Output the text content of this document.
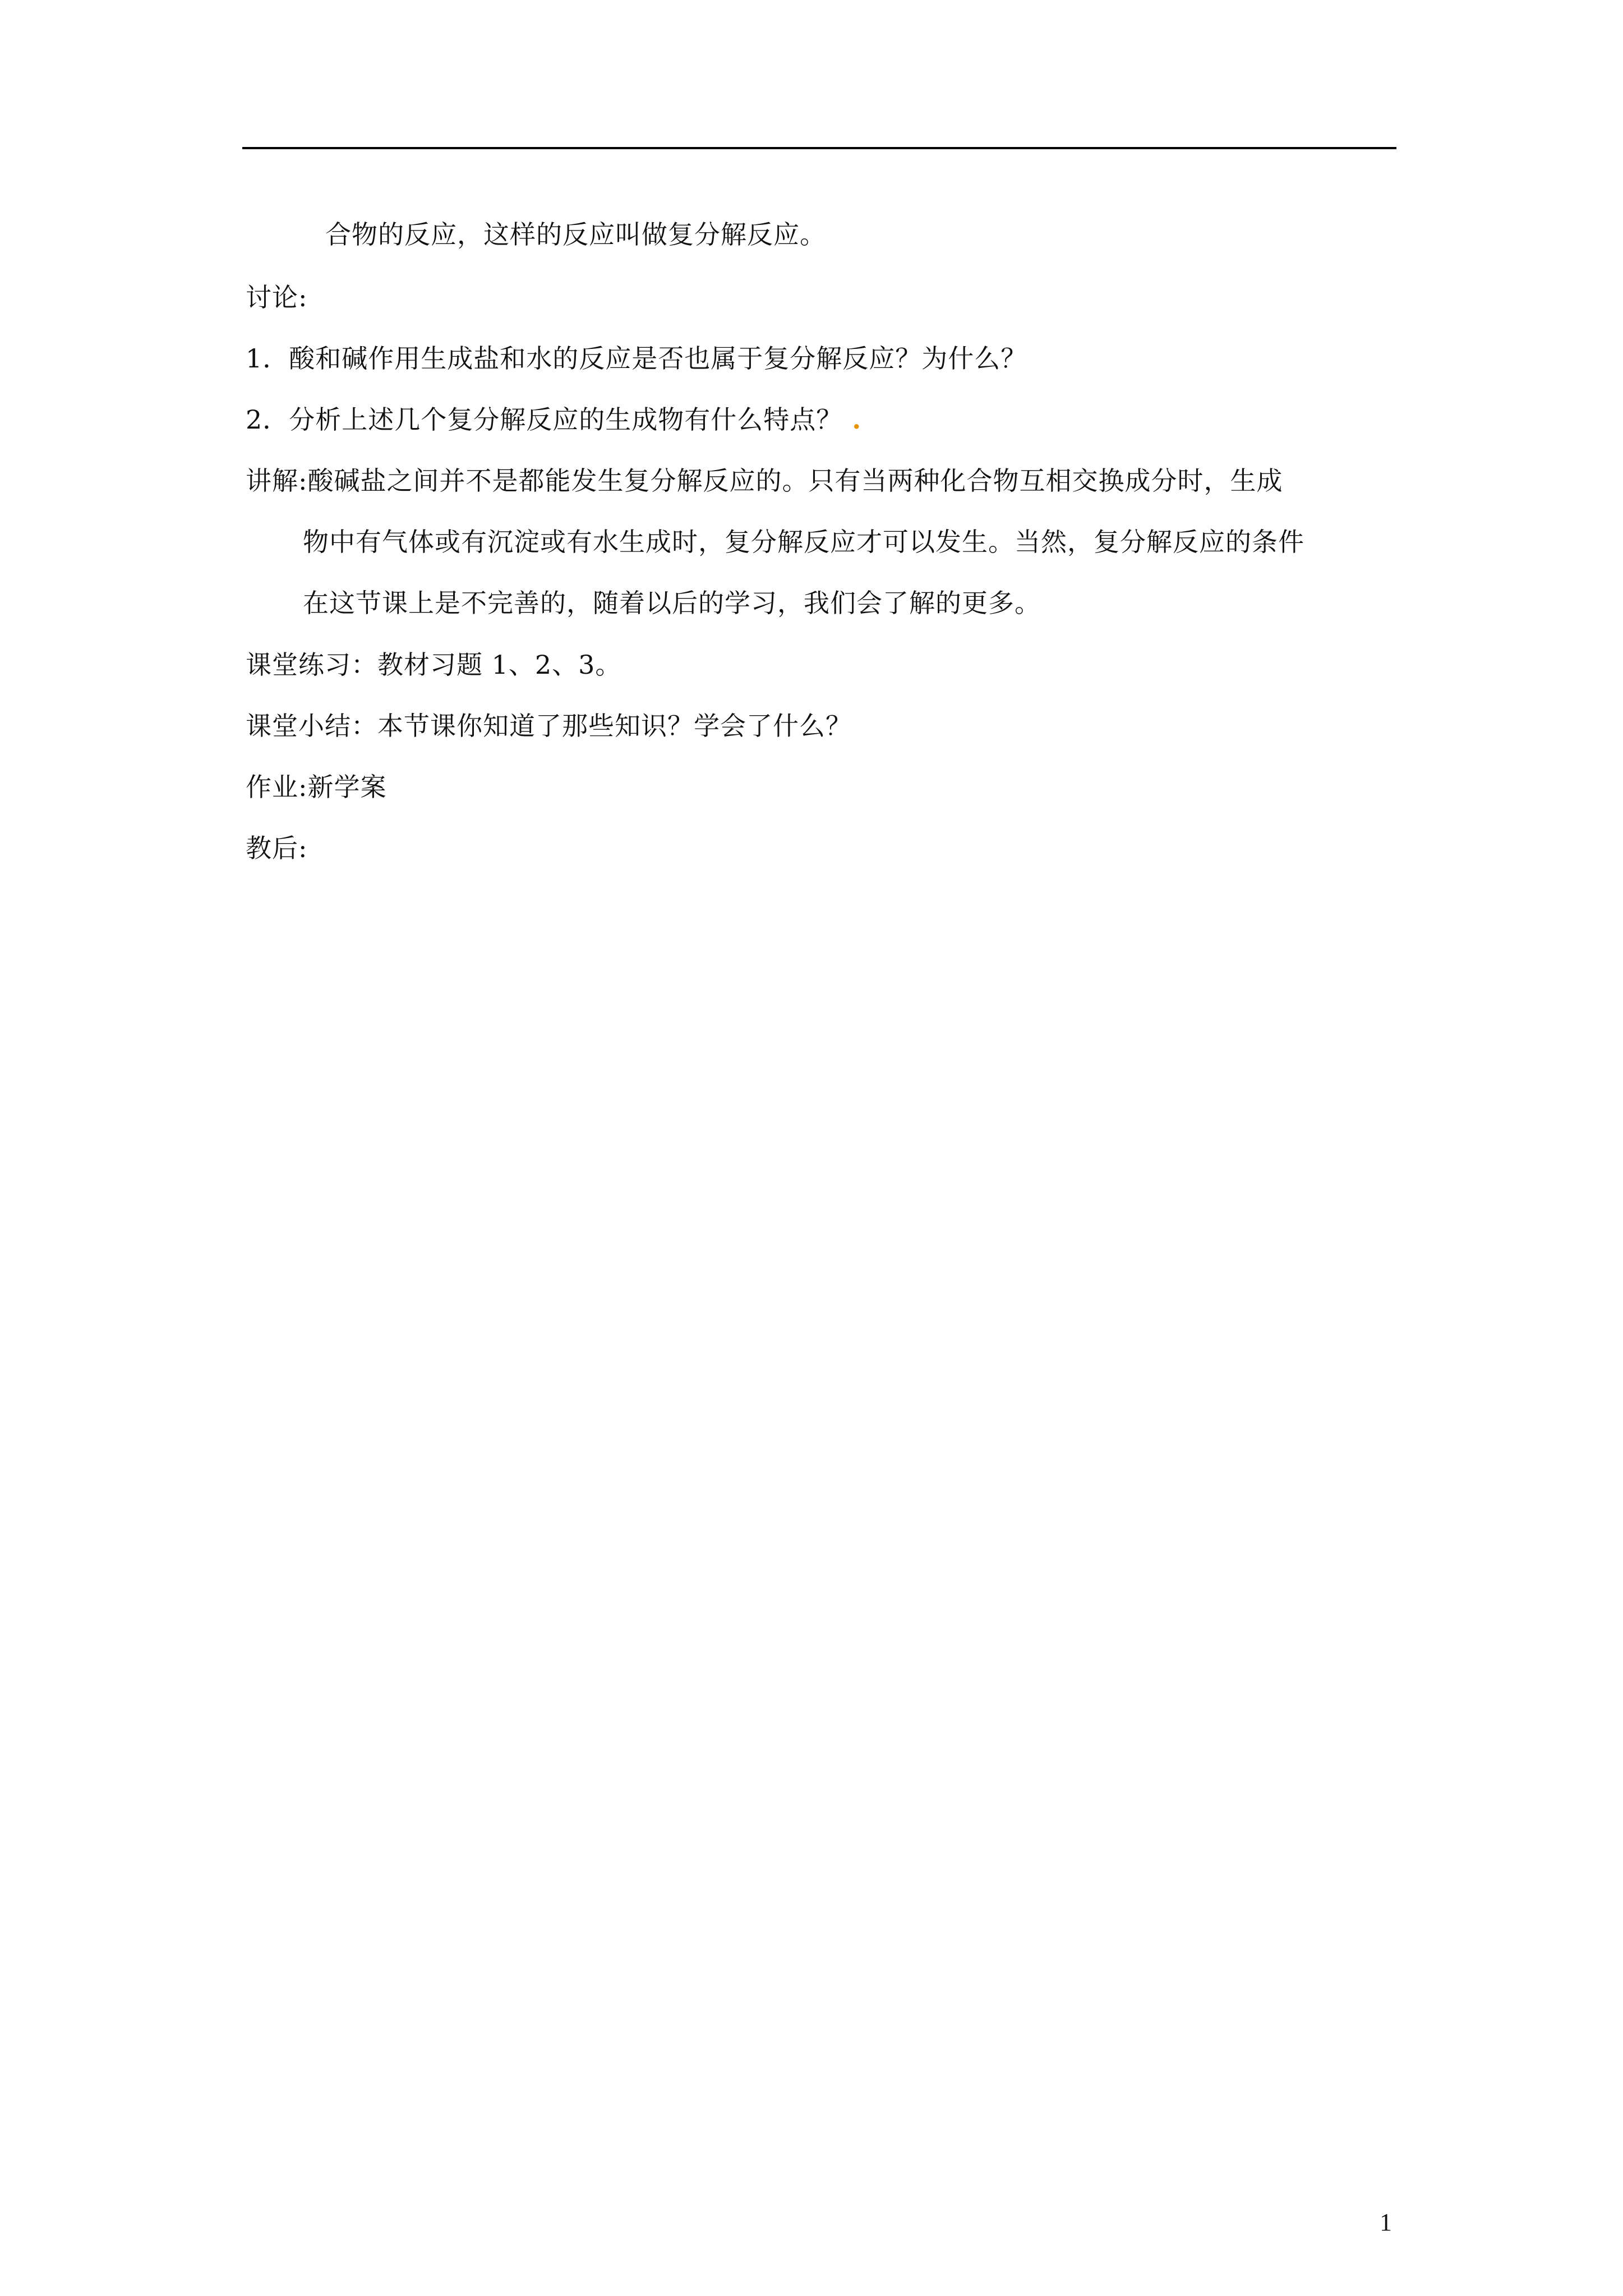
合物的反应，这样的反应叫做复分解反应。
讨论:
1．酸和碱作用生成盐和水的反应是否也属于复分解反应？为什么？
2．分析上述几个复分解反应的生成物有什么特点？ .
讲解:酸碱盐之间并不是都能发生复分解反应的。只有当两种化合物互相交换成分时，生成
物中有气体或有沉淀或有水生成时，复分解反应才可以发生。当然，复分解反应的条件
在这节课上是不完善的，随着以后的学习，我们会了解的更多。
课堂练习：教材习题 1、2、3。
课堂小结：本节课你知道了那些知识？学会了什么？
作业:新学案
教后:
1
